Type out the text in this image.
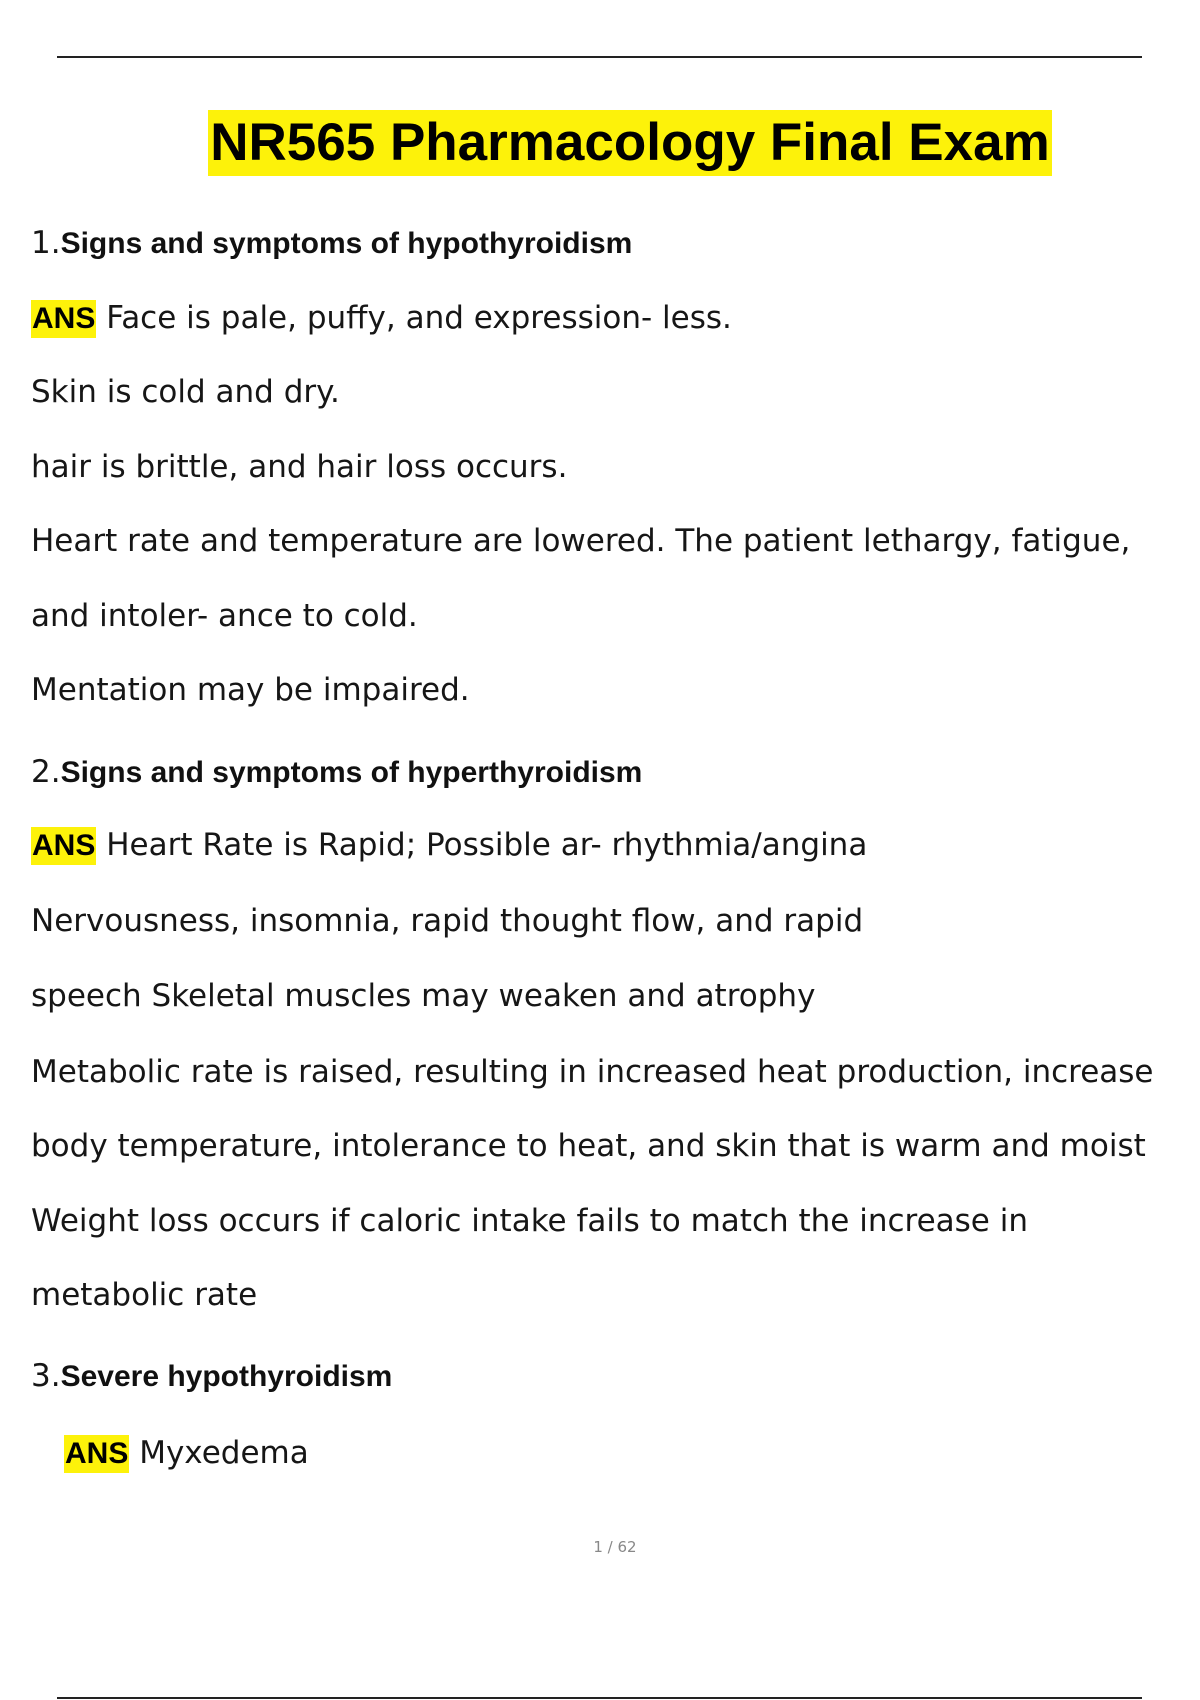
NR565 Pharmacology Final Exam
1.Signs and symptoms of hypothyroidism
ANS Face is pale, puffy, and expression- less.
Skin is cold and dry.
hair is brittle, and hair loss occurs.
Heart rate and temperature are lowered. The patient lethargy, fatigue,
and intoler- ance to cold.
Mentation may be impaired.
2.Signs and symptoms of hyperthyroidism
ANS Heart Rate is Rapid; Possible ar- rhythmia/angina
Nervousness, insomnia, rapid thought flow, and rapid
speech Skeletal muscles may weaken and atrophy
Metabolic rate is raised, resulting in increased heat production, increase
body temperature, intolerance to heat, and skin that is warm and moist
Weight loss occurs if caloric intake fails to match the increase in
metabolic rate
3.Severe hypothyroidism
ANS Myxedema
1 / 62
